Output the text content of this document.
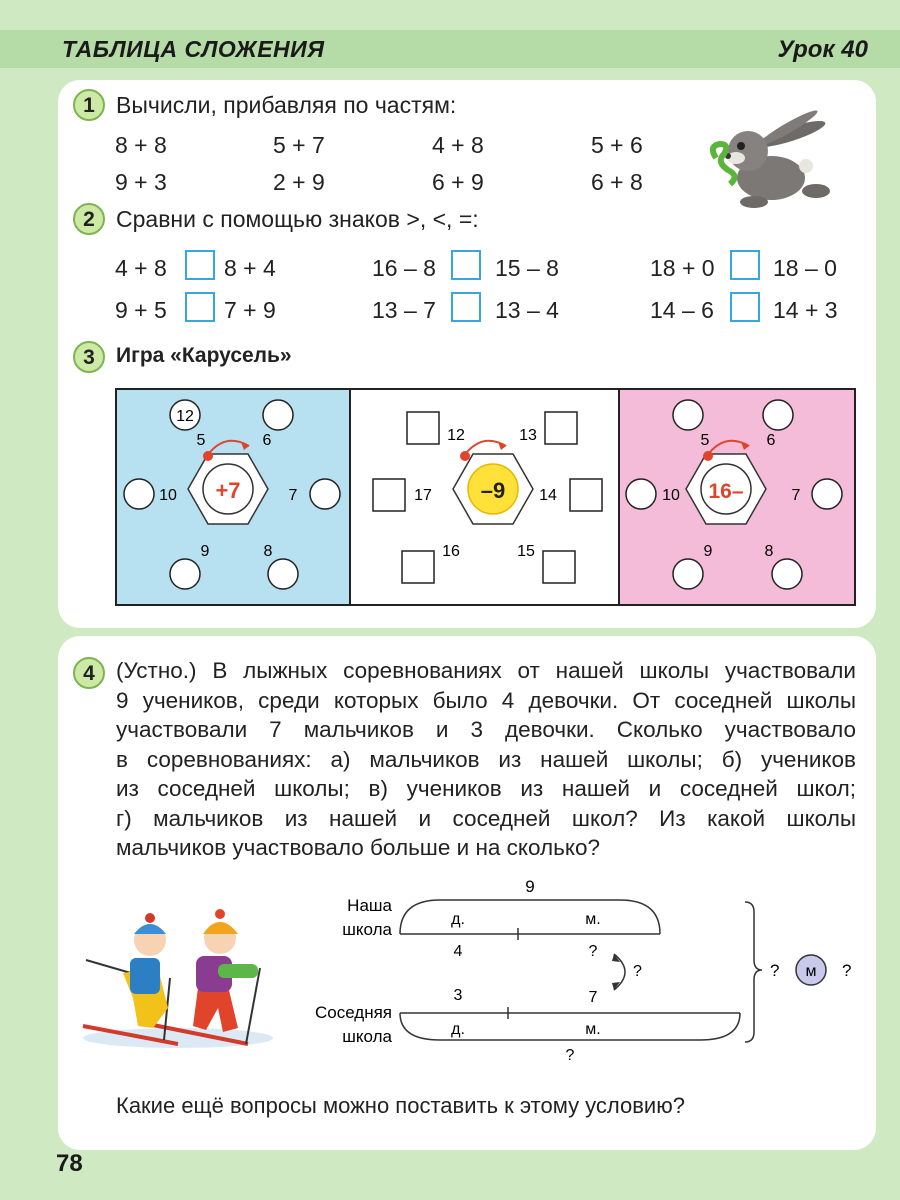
ТАБЛИЦА СЛОЖЕНИЯ	Урок 40
1 Вычисли, прибавляя по частям:
8 + 8	5 + 7	4 + 8	5 + 6
9 + 3	2 + 9	6 + 9	6 + 8
2 Сравни с помощью знаков >, <, =:
4 + 8 8 + 4	16 – 8	15 – 8	18 + 0	18 – 0
9 + 5 7 + 9	13 – 7	13 – 4	14 – 6	14 + 3
3	Игра «Карусель»
+7
12
5	6
7
8
9
10	–9
12	13
14
15
16
17	16–
5	6
7
8
9
10
4 (Устно.) В лыжных соревнованиях от нашей школы участвовали
9 учеников, среди которых было 4 девочки. От соседней школы
участвовали 7 мальчиков и 3 девочки. Сколько участвовало
в соревнованиях: а) мальчиков из нашей школы; б) учеников
из соседней школы; в) учеников из нашей и соседней школ;
г) мальчиков из нашей и соседней школ? Из какой школы
мальчиков участвовало больше и на сколько?
Наша
школа
9
д.	м.
4	?
?
Соседняя
школа
3	7
д.	м.
?
? м ?
Какие ещё вопросы можно поставить к этому условию?
78
